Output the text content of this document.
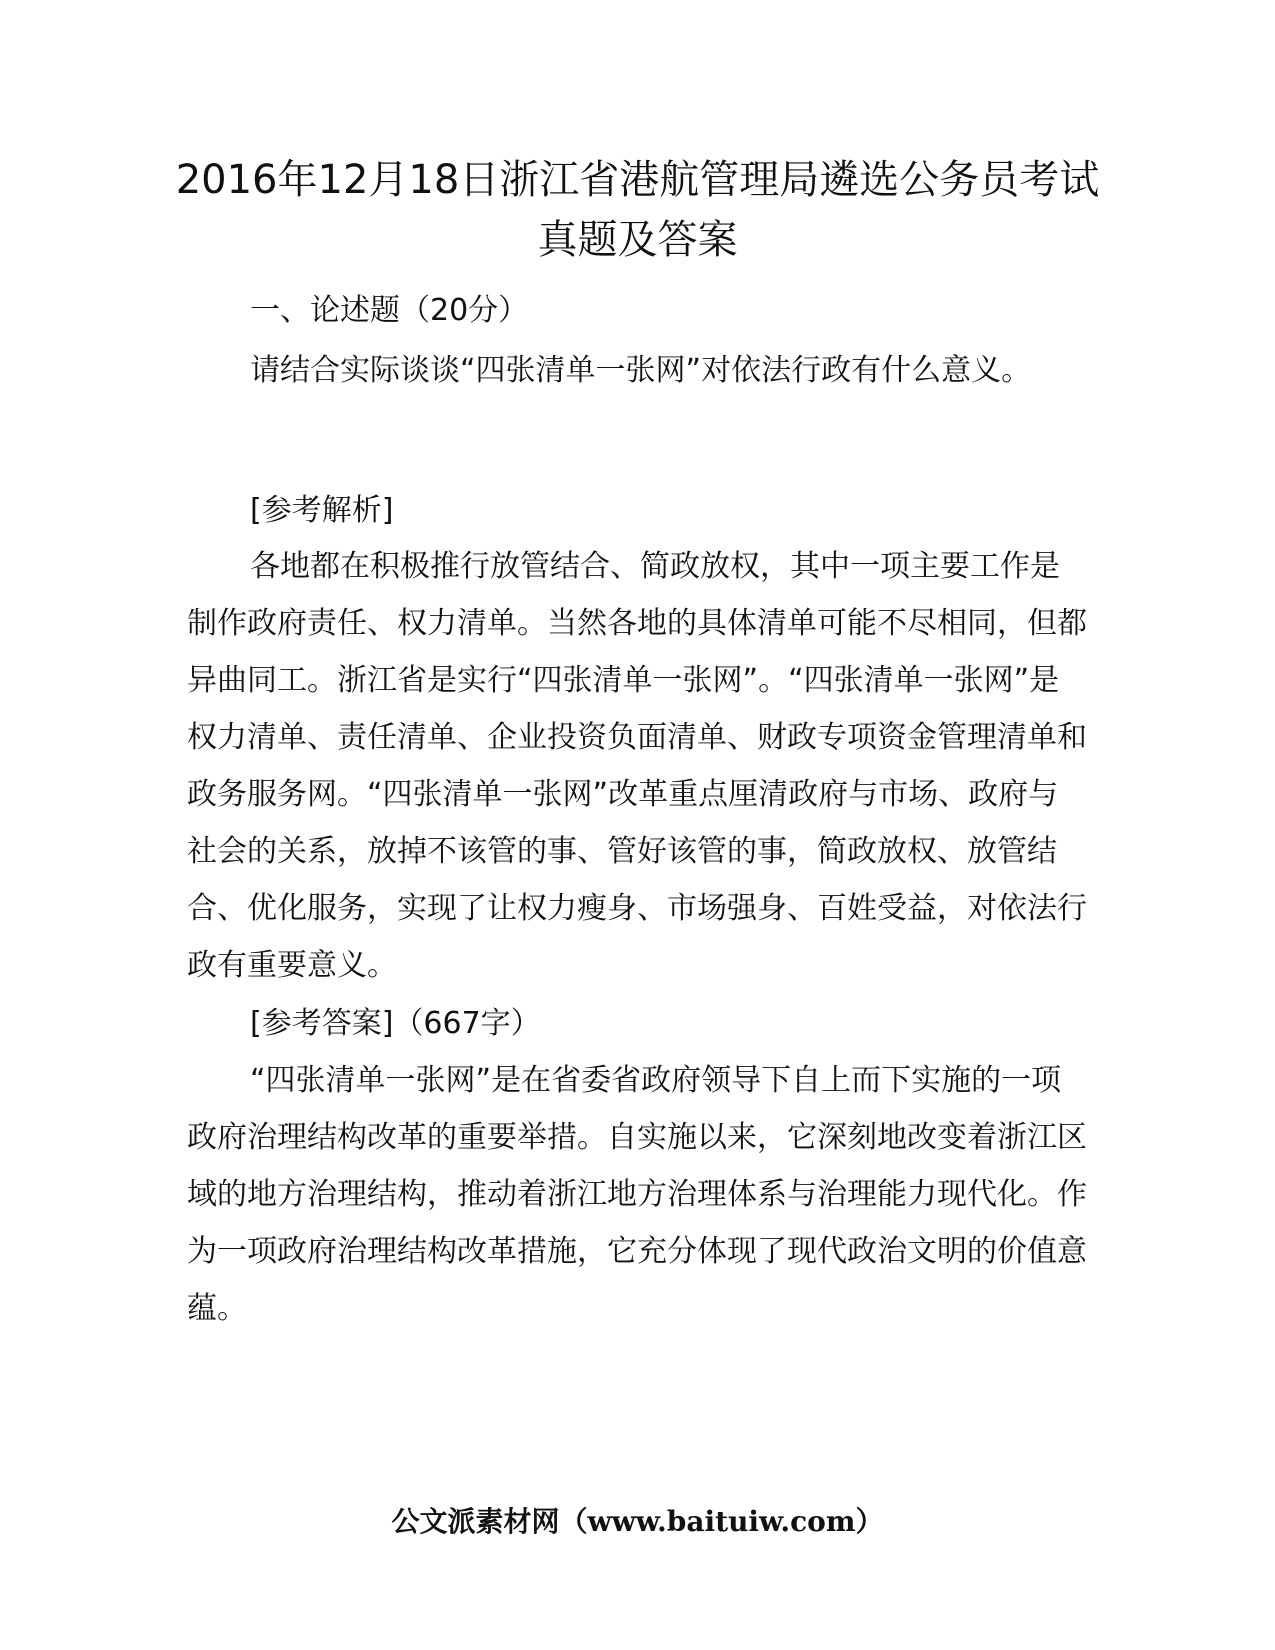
2016年12月18日浙江省港航管理局遴选公务员考试真题及答案

一、论述题（20分）

请结合实际谈谈“四张清单一张网”对依法行政有什么意义。

[参考解析]

各地都在积极推行放管结合、简政放权，其中一项主要工作是制作政府责任、权力清单。当然各地的具体清单可能不尽相同，但都异曲同工。浙江省是实行“四张清单一张网”。“四张清单一张网”是权力清单、责任清单、企业投资负面清单、财政专项资金管理清单和政务服务网。“四张清单一张网”改革重点厘清政府与市场、政府与社会的关系，放掉不该管的事、管好该管的事，简政放权、放管结合、优化服务，实现了让权力瘦身、市场强身、百姓受益，对依法行政有重要意义。

[参考答案]（667字）

“四张清单一张网”是在省委省政府领导下自上而下实施的一项政府治理结构改革的重要举措。自实施以来，它深刻地改变着浙江区域的地方治理结构，推动着浙江地方治理体系与治理能力现代化。作为一项政府治理结构改革措施，它充分体现了现代政治文明的价值意蕴。

公文派素材网（www.baituiw.com）
